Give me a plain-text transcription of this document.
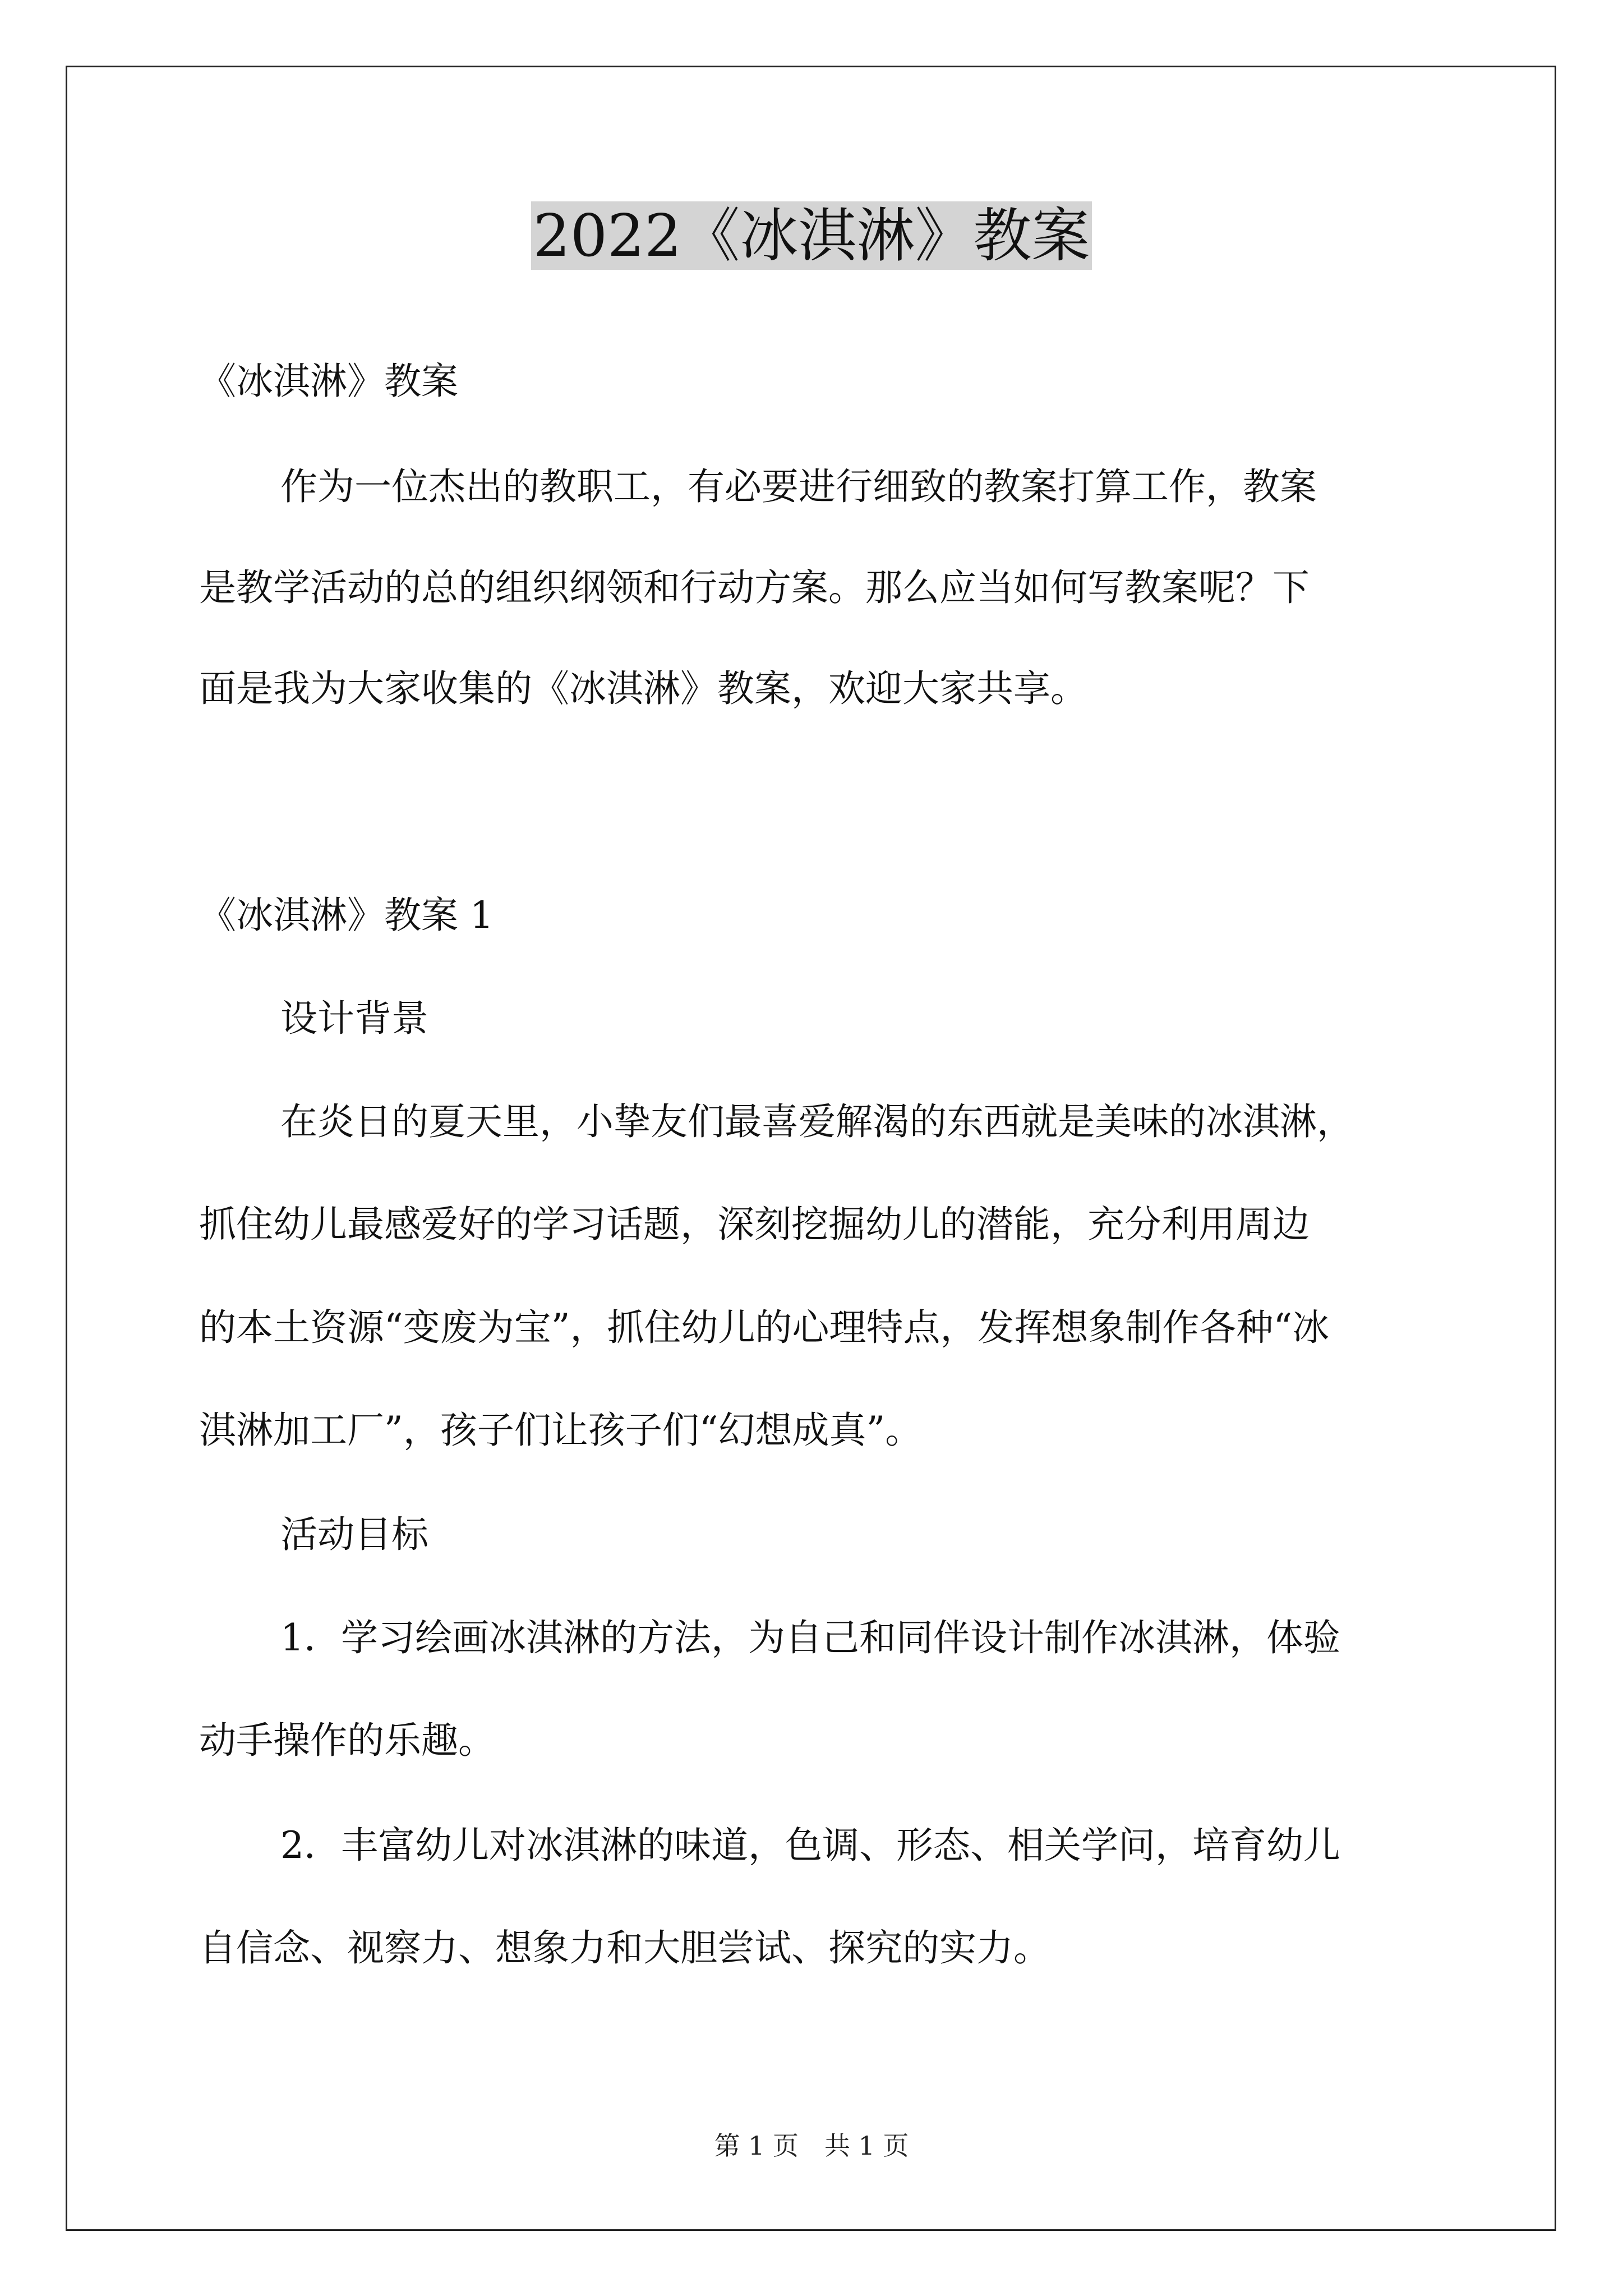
2022《冰淇淋》教案
《冰淇淋》教案
作为一位杰出的教职工，有必要进行细致的教案打算工作，教案
是教学活动的总的组织纲领和行动方案。那么应当如何写教案呢？下
面是我为大家收集的《冰淇淋》教案，欢迎大家共享。
《冰淇淋》教案 1
设计背景
在炎日的夏天里，小挚友们最喜爱解渴的东西就是美味的冰淇淋，
抓住幼儿最感爱好的学习话题，深刻挖掘幼儿的潜能，充分利用周边
的本土资源“变废为宝”，抓住幼儿的心理特点，发挥想象制作各种“冰
淇淋加工厂”，孩子们让孩子们“幻想成真”。
活动目标
1．学习绘画冰淇淋的方法，为自己和同伴设计制作冰淇淋，体验
动手操作的乐趣。
2．丰富幼儿对冰淇淋的味道，色调、形态、相关学问，培育幼儿
自信念、视察力、想象力和大胆尝试、探究的实力。
第 1 页　共 1 页
